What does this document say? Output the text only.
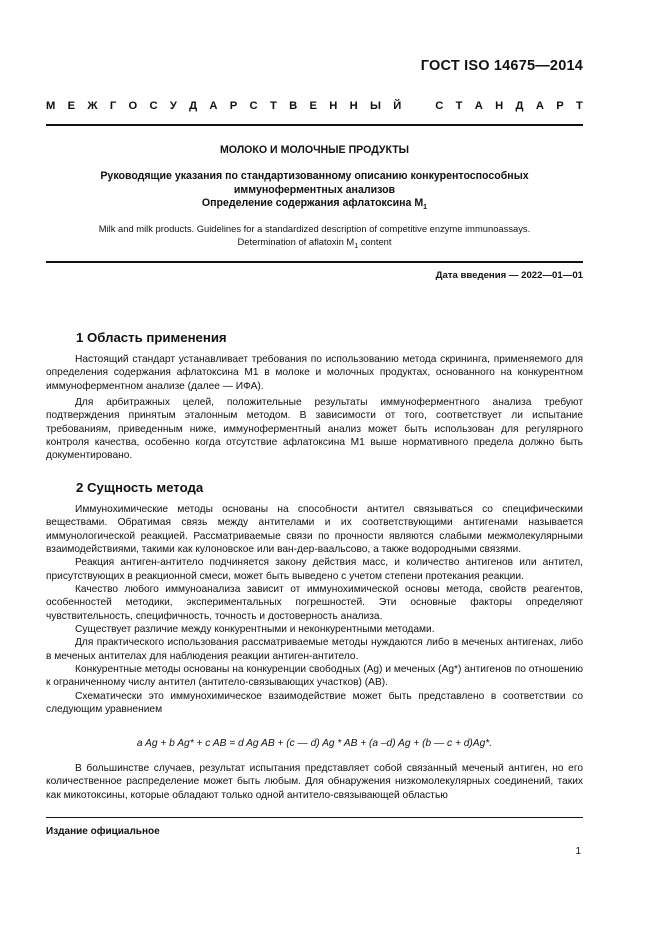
ГОСТ ISO 14675—2014
М Е Ж Г О С У Д А Р С Т В Е Н Н Ы Й
	С Т А Н Д А Р Т
МОЛОКО И МОЛОЧНЫЕ ПРОДУКТЫ
Руководящие указания по стандартизованному описанию конкурентоспособных
иммуноферментных анализов
Определение содержания афлатоксина $M_1$
Milk and milk products. Guidelines for a standardized description of competitive enzyme immunoassays.
Determination of aflatoxin $M_1$ content
Дата введения — 2022—01—01
1 Область применения

Настоящий стандарт устанавливает требования по использованию метода скрининга, применяемого для определения содержания афлатоксина M1 в молоке и молочных продуктах, основанного на конкурентном иммуноферментном анализе (далее — ИФА).

Для арбитражных целей, положительные результаты иммуноферментного анализа требуют подтверждения принятым эталонным методом. В зависимости от того, соответствует ли испытание требованиям, приведенным ниже, иммуноферментный анализ может быть использован для регулярного контроля качества, особенно когда отсутствие афлатоксина M1 выше нормативного предела должно быть документировано.

2 Сущность метода

Иммунохимические методы основаны на способности антител связываться со специфическими веществами. Обратимая связь между антителами и их соответствующими антигенами называется иммунологической реакцией. Рассматриваемые связи по прочности являются слабыми межмолекулярными взаимодействиями, такими как кулоновское или ван-дер-ваальсово, а также водородными связями.

Реакция антиген-антитело подчиняется закону действия масс, и количество антигенов или антител, присутствующих в реакционной смеси, может быть выведено с учетом степени протекания реакции.

Качество любого иммуноанализа зависит от иммунохимической основы метода, свойств реагентов, особенностей методики, экспериментальных погрешностей. Эти основные факторы определяют чувствительность, специфичность, точность и достоверность анализа.

Существует различие между конкурентными и неконкурентными методами.

Для практического использования рассматриваемые методы нуждаются либо в меченых антигенах, либо в меченых антителах для наблюдения реакции антиген-антитело.

Конкурентные методы основаны на конкуренции свободных (Ag) и меченых (Ag*) антигенов по отношению к ограниченному числу антител (антитело-связывающих участков) (AB).

Схематически это иммунохимическое взаимодействие может быть представлено в соответствии со следующим уравнением

a Ag + b Ag* + c AB = d Ag AB + (c — d) Ag * AB + (a –d) Ag + (b — c + d)Ag*.

В большинстве случаев, результат испытания представляет собой связанный меченый антиген, но его количественное распределение может быть любым. Для обнаружения низкомолекулярных соединений, таких как микотоксины, которые обладают только одной антитело-связывающей областью

Издание официальное
1
